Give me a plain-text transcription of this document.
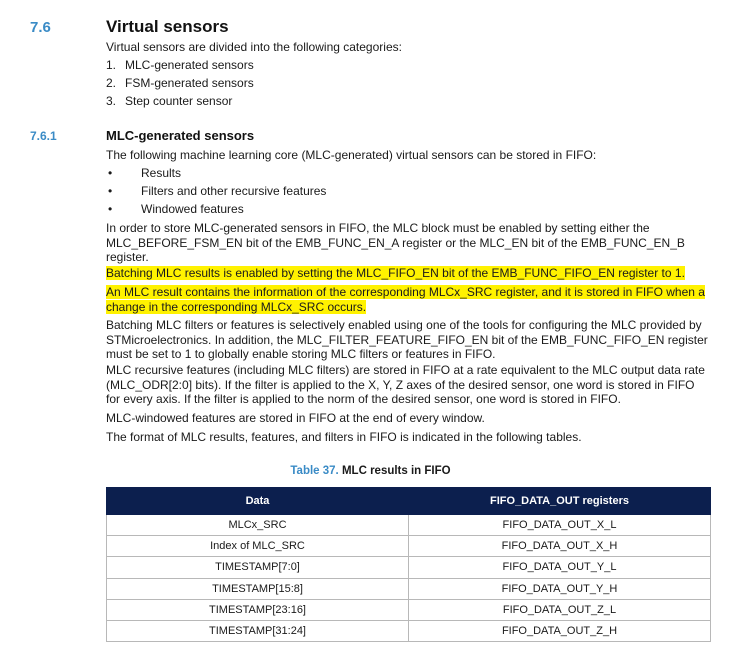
7.6	Virtual sensors
Virtual sensors are divided into the following categories:
1. MLC-generated sensors
2. FSM-generated sensors
3. Step counter sensor
7.6.1	MLC-generated sensors
The following machine learning core (MLC-generated) virtual sensors can be stored in FIFO:
• Results
• Filters and other recursive features
• Windowed features
In order to store MLC-generated sensors in FIFO, the MLC block must be enabled by setting either the
MLC_BEFORE_FSM_EN bit of the EMB_FUNC_EN_A register or the MLC_EN bit of the EMB_FUNC_EN_B
register.
Batching MLC results is enabled by setting the MLC_FIFO_EN bit of the EMB_FUNC_FIFO_EN register to 1.
An MLC result contains the information of the corresponding MLCx_SRC register, and it is stored in FIFO when a
change in the corresponding MLCx_SRC occurs.
Batching MLC filters or features is selectively enabled using one of the tools for configuring the MLC provided by
STMicroelectronics. In addition, the MLC_FILTER_FEATURE_FIFO_EN bit of the EMB_FUNC_FIFO_EN register
must be set to 1 to globally enable storing MLC filters or features in FIFO.
MLC recursive features (including MLC filters) are stored in FIFO at a rate equivalent to the MLC output data rate
(MLC_ODR[2:0] bits). If the filter is applied to the X, Y, Z axes of the desired sensor, one word is stored in FIFO
for every axis. If the filter is applied to the norm of the desired sensor, one word is stored in FIFO.
MLC-windowed features are stored in FIFO at the end of every window.
The format of MLC results, features, and filters in FIFO is indicated in the following tables.
Table 37. MLC results in FIFO
Data	FIFO_DATA_OUT registers
MLCx_SRC	FIFO_DATA_OUT_X_L
Index of MLC_SRC	FIFO_DATA_OUT_X_H
TIMESTAMP[7:0]	FIFO_DATA_OUT_Y_L
TIMESTAMP[15:8]	FIFO_DATA_OUT_Y_H
TIMESTAMP[23:16]	FIFO_DATA_OUT_Z_L
TIMESTAMP[31:24]	FIFO_DATA_OUT_Z_H
